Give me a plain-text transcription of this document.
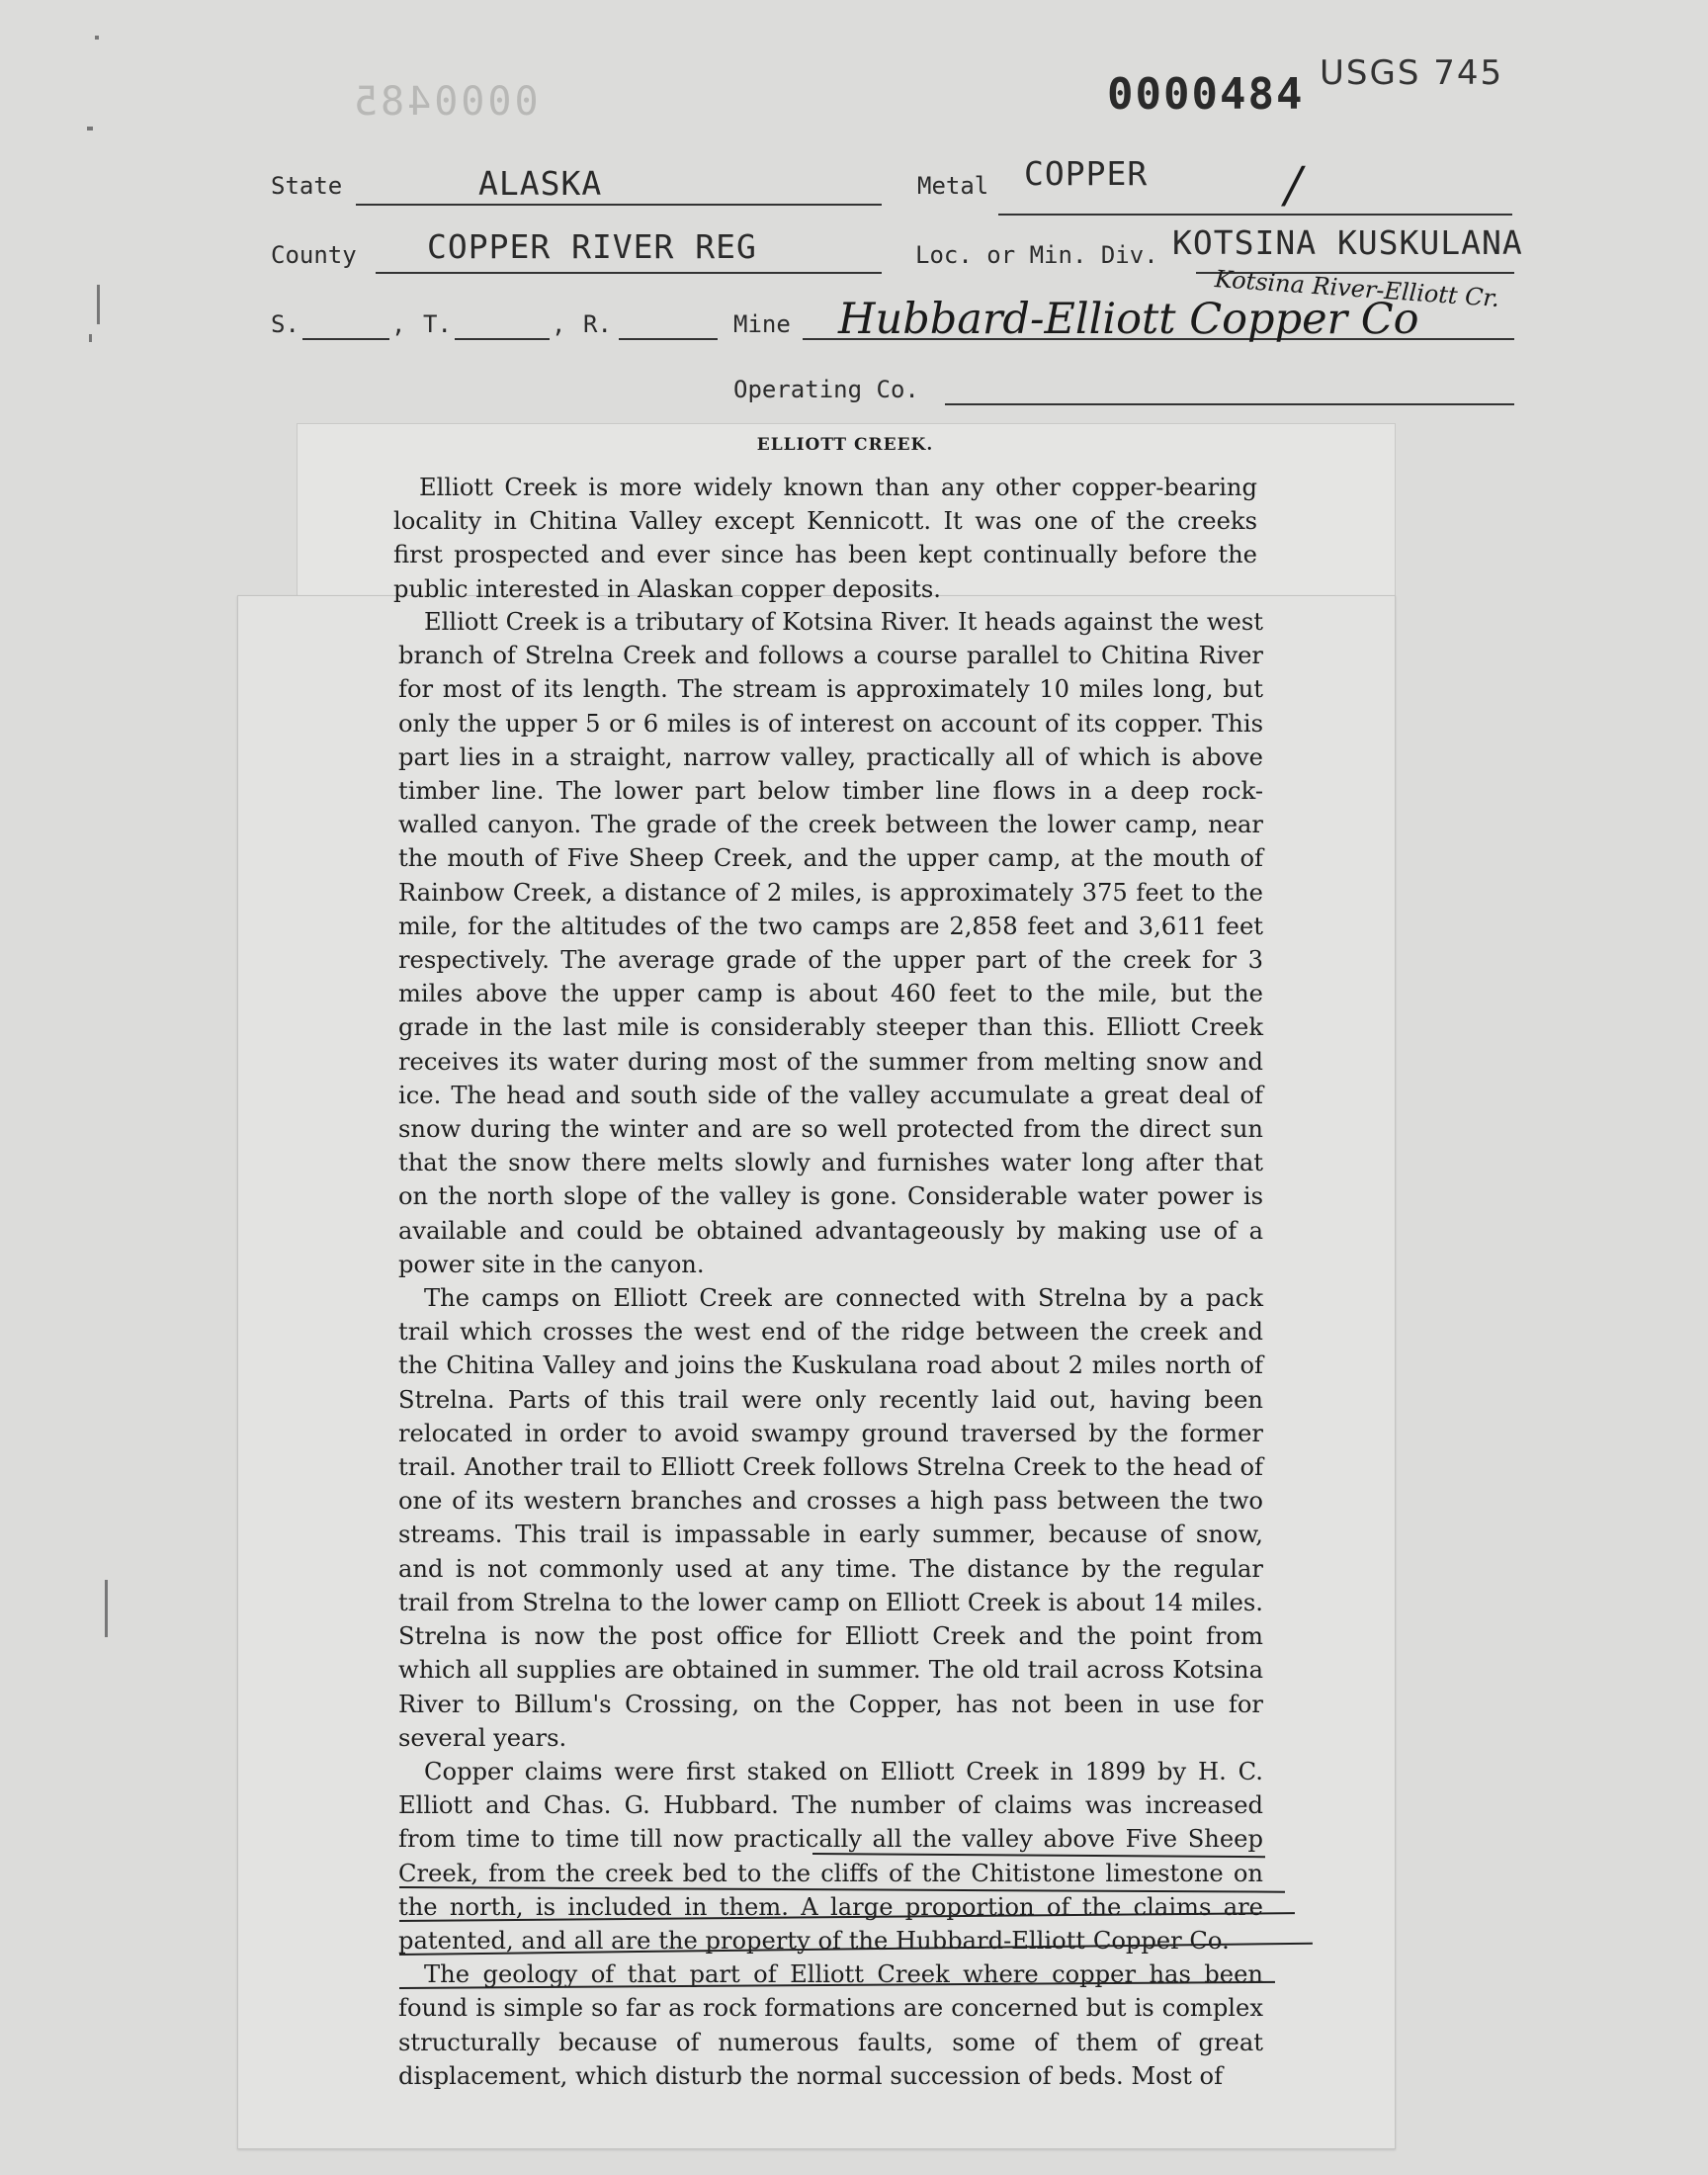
0000485	0000484 USGS 745
State	ALASKA	Metal COPPER	/
County COPPER RIVER REG	Loc. or Min. Div. KOTSINA KUSKULANA
Kotsina River-Elliott Cr.
S.	, T.	, R.	Mine Hubbard-Elliott Copper Co
Operating Co.
ELLIOTT CREEK.

Elliott Creek is more widely known than any other copper-bearing locality in Chitina Valley except Kennicott. It was one of the creeks first prospected and ever since has been kept continually before the public interested in Alaskan copper deposits.

Elliott Creek is a tributary of Kotsina River. It heads against the west branch of Strelna Creek and follows a course parallel to Chitina River for most of its length. The stream is approximately 10 miles long, but only the upper 5 or 6 miles is of interest on account of its copper. This part lies in a straight, narrow valley, practically all of which is above timber line. The lower part below timber line flows in a deep rock-walled canyon. The grade of the creek between the lower camp, near the mouth of Five Sheep Creek, and the upper camp, at the mouth of Rainbow Creek, a distance of 2 miles, is approximately 375 feet to the mile, for the altitudes of the two camps are 2,858 feet and 3,611 feet respectively. The average grade of the upper part of the creek for 3 miles above the upper camp is about 460 feet to the mile, but the grade in the last mile is considerably steeper than this. Elliott Creek receives its water during most of the summer from melting snow and ice. The head and south side of the valley accumulate a great deal of snow during the winter and are so well protected from the direct sun that the snow there melts slowly and furnishes water long after that on the north slope of the valley is gone. Considerable water power is available and could be obtained advantageously by making use of a power site in the canyon.

The camps on Elliott Creek are connected with Strelna by a pack trail which crosses the west end of the ridge between the creek and the Chitina Valley and joins the Kuskulana road about 2 miles north of Strelna. Parts of this trail were only recently laid out, having been relocated in order to avoid swampy ground traversed by the former trail. Another trail to Elliott Creek follows Strelna Creek to the head of one of its western branches and crosses a high pass between the two streams. This trail is impassable in early summer, because of snow, and is not commonly used at any time. The distance by the regular trail from Strelna to the lower camp on Elliott Creek is about 14 miles. Strelna is now the post office for Elliott Creek and the point from which all supplies are obtained in summer. The old trail across Kotsina River to Billum's Crossing, on the Copper, has not been in use for several years.

Copper claims were first staked on Elliott Creek in 1899 by H. C. Elliott and Chas. G. Hubbard. The number of claims was increased from time to time till now practically all the valley above Five Sheep Creek, from the creek bed to the cliffs of the Chitistone limestone on the north, is included in them. A large proportion of the claims are patented, and all are the property of the Hubbard-Elliott Copper Co.

The geology of that part of Elliott Creek where copper has been found is simple so far as rock formations are concerned but is complex structurally because of numerous faults, some of them of great displacement, which disturb the normal succession of beds. Most of
